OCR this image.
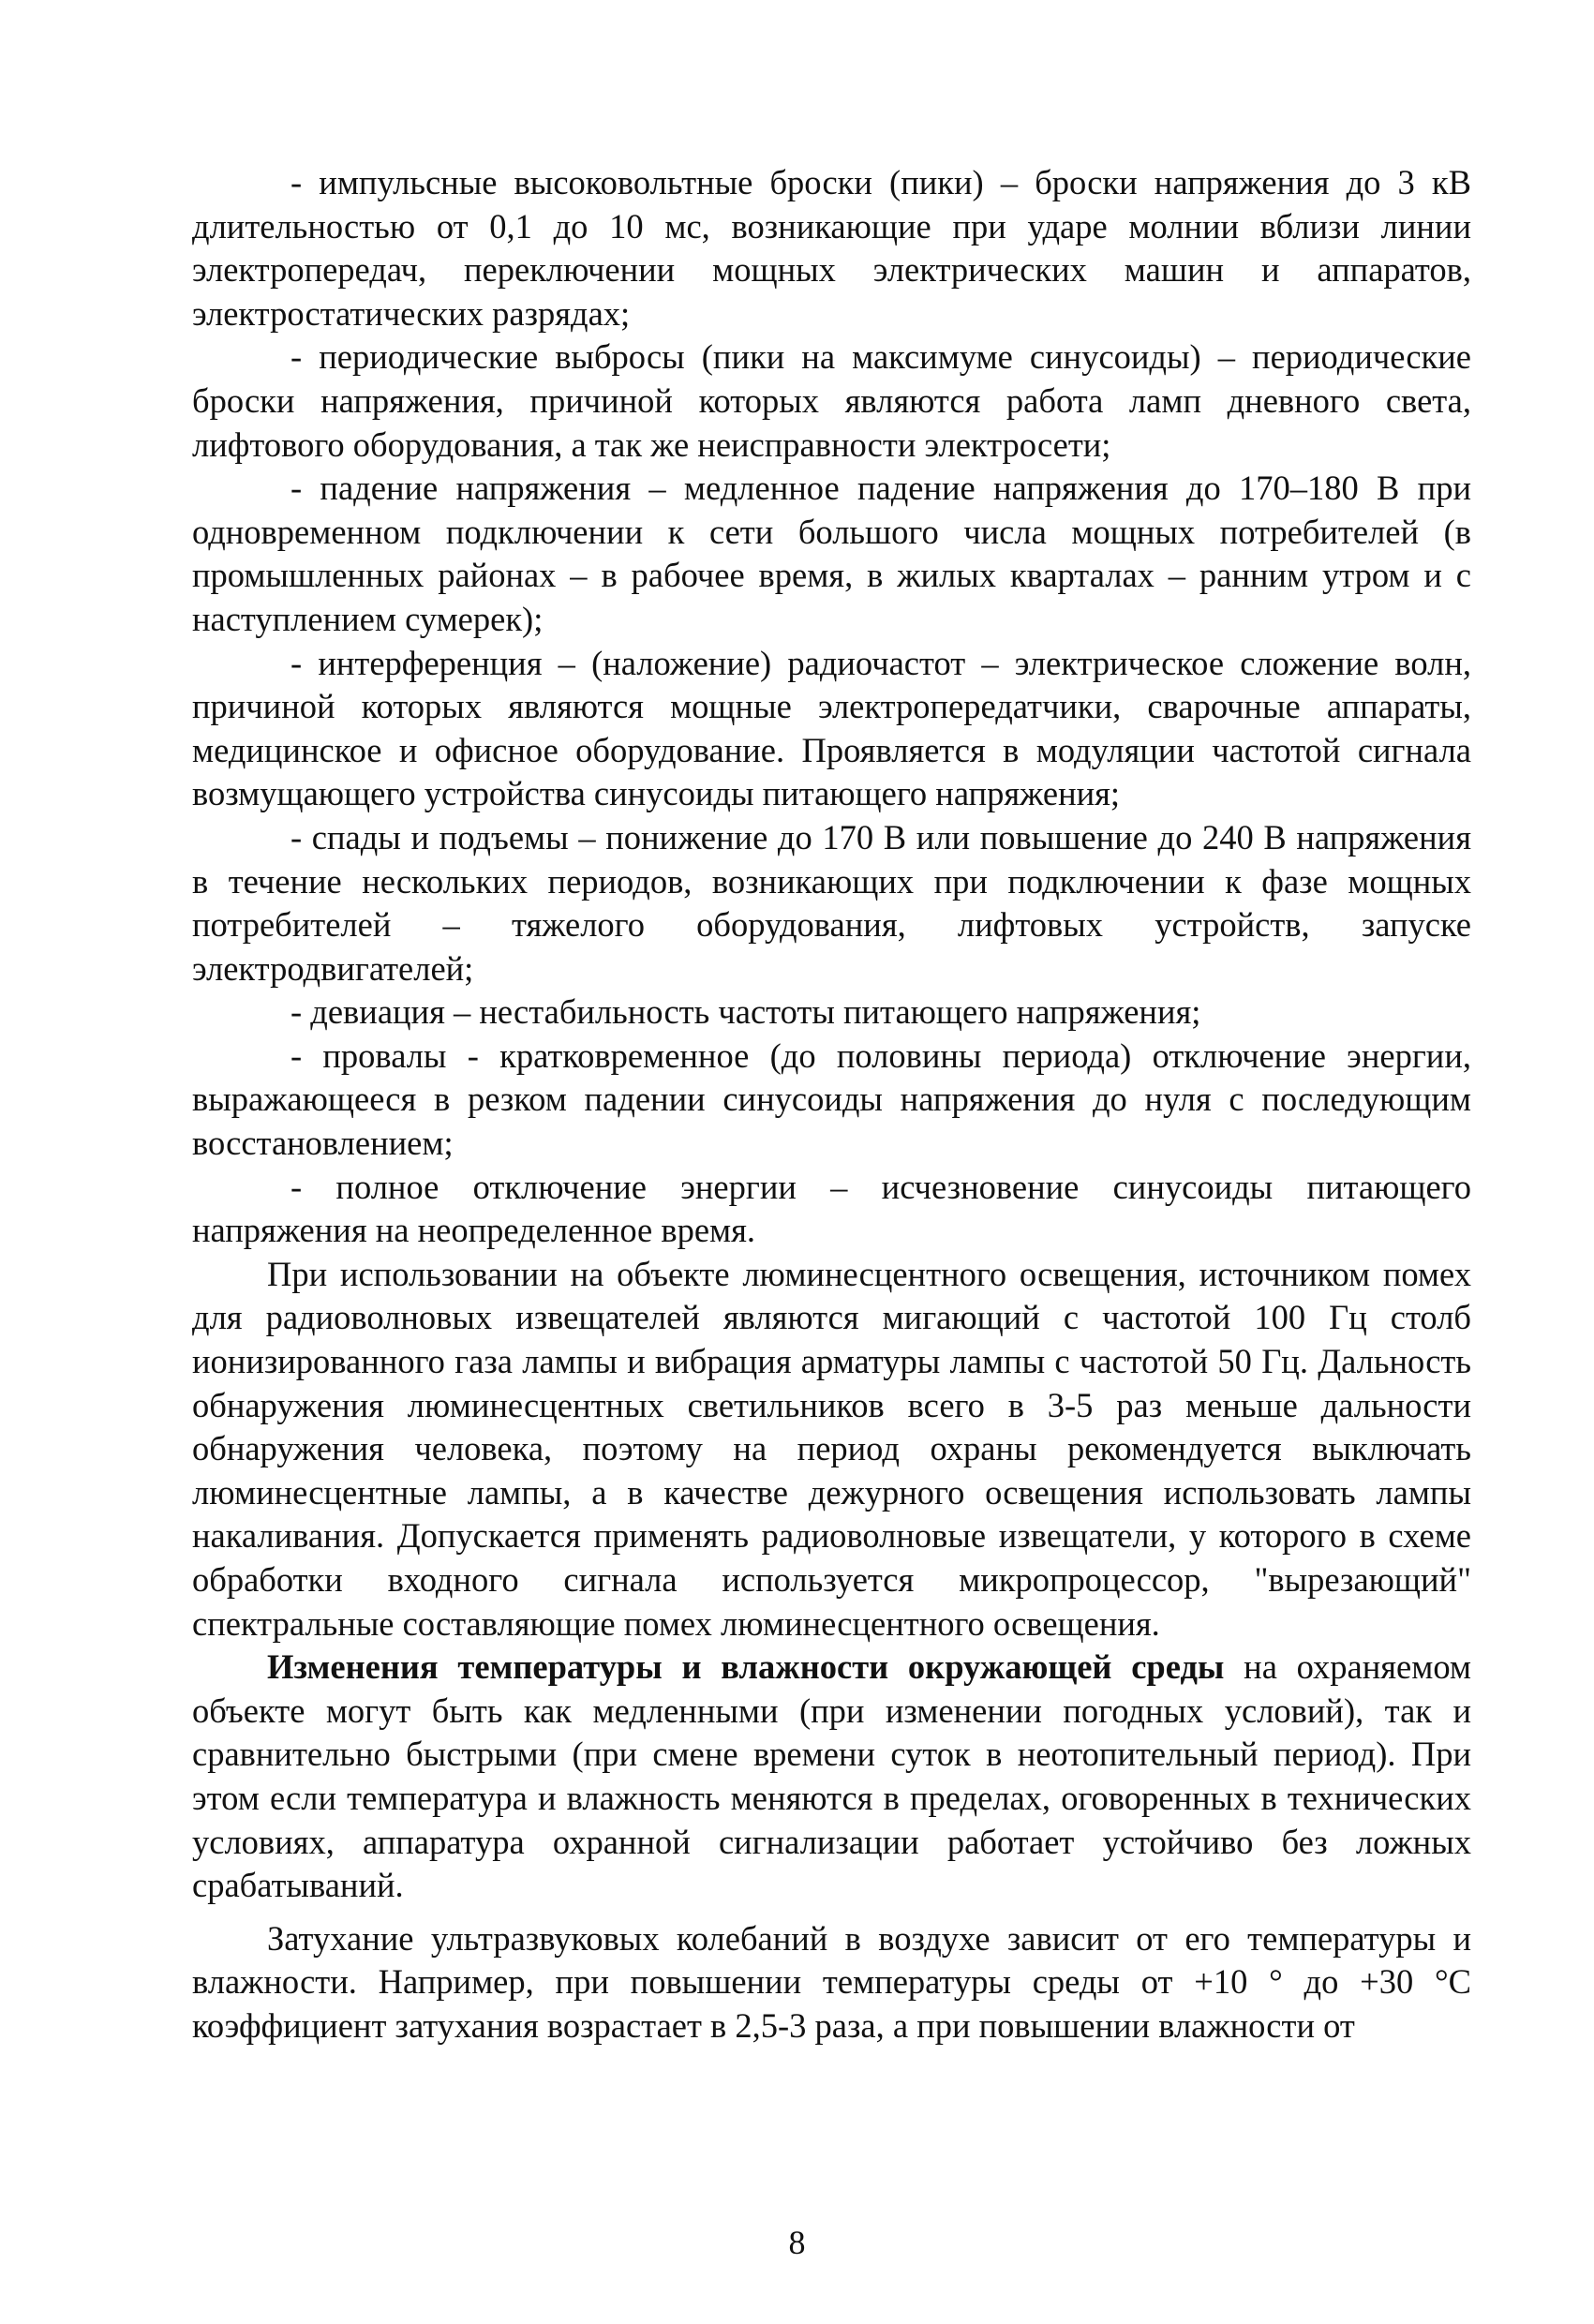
- импульсные высоковольтные броски (пики) – броски напряжения до 3 кВ длительностью от 0,1 до 10 мс, возникающие при ударе молнии вблизи линии электропередач, переключении мощных электрических машин и аппаратов, электростатических разрядах;

- периодические выбросы (пики на максимуме синусоиды) – периодические броски напряжения, причиной которых являются работа ламп дневного света, лифтового оборудования, а так же неисправности электросети;

- падение напряжения – медленное падение напряжения до 170–180 В при одновременном подключении к сети большого числа мощных потребителей (в промышленных районах – в рабочее время, в жилых кварталах – ранним утром и с наступлением сумерек);

- интерференция – (наложение) радиочастот – электрическое сложение волн, причиной которых являются мощные электропередатчики, сварочные аппараты, медицинское и офисное оборудование. Проявляется в модуляции частотой сигнала возмущающего устройства синусоиды питающего напряжения;

- спады и подъемы – понижение до 170 В или повышение до 240 В напряжения в течение нескольких периодов, возникающих при подключении к фазе мощных потребителей – тяжелого оборудования, лифтовых устройств, запуске электродвигателей;

- девиация – нестабильность частоты питающего напряжения;

- провалы - кратковременное (до половины периода) отключение энергии, выражающееся в резком падении синусоиды напряжения до нуля с последующим восстановлением;

- полное отключение энергии – исчезновение синусоиды питающего напряжения на неопределенное время.

При использовании на объекте люминесцентного освещения, источником помех для радиоволновых извещателей являются мигающий с частотой 100 Гц столб ионизированного газа лампы и вибрация арматуры лампы с частотой 50 Гц. Дальность обнаружения люминесцентных светильников всего в 3-5 раз меньше дальности обнаружения человека, поэтому на период охраны рекомендуется выключать люминесцентные лампы, а в качестве дежурного освещения использовать лампы накаливания. Допускается применять радиоволновые извещатели, у которого в схеме обработки входного сигнала используется микропроцессор, "вырезающий" спектральные составляющие помех люминесцентного освещения.

Изменения температуры и влажности окружающей среды на охраняемом объекте могут быть как медленными (при изменении погодных условий), так и сравнительно быстрыми (при смене времени суток в неотопительный период). При этом если температура и влажность меняются в пределах, оговоренных в технических условиях, аппаратура охранной сигнализации работает устойчиво без ложных срабатываний.

Затухание ультразвуковых колебаний в воздухе зависит от его температуры и влажности. Например, при повышении температуры среды от +10 ° до +30 °С коэффициент затухания возрастает в 2,5-3 раза, а при повышении влажности от

8
